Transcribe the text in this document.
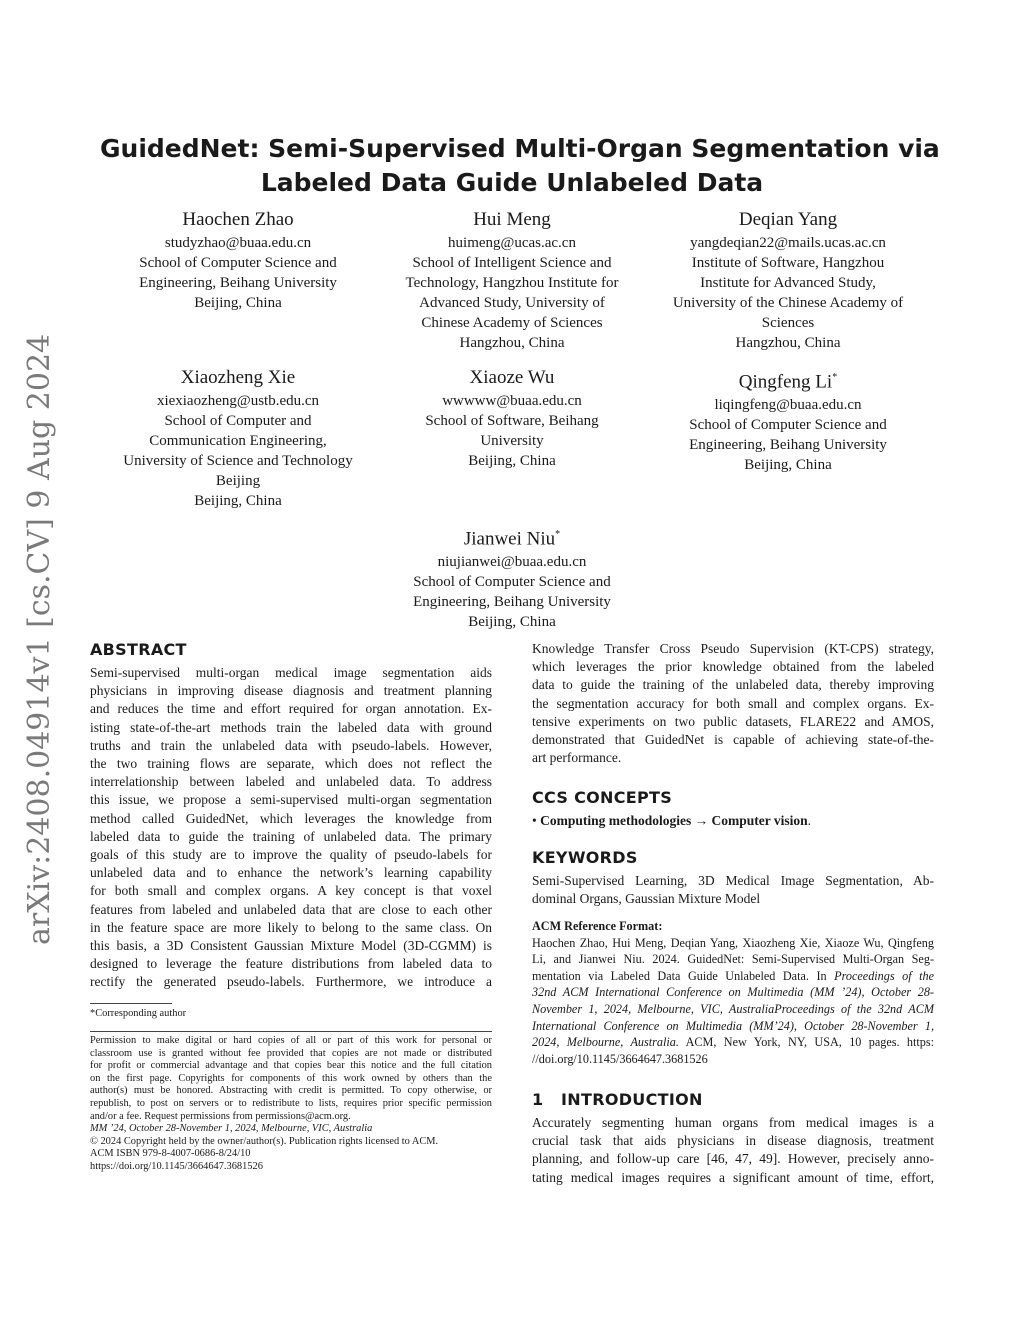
arXiv:2408.04914v1 [cs.CV] 9 Aug 2024
GuidedNet: Semi-Supervised Multi-Organ Segmentation via
Labeled Data Guide Unlabeled Data
Haochen Zhao
studyzhao@buaa.edu.cn
School of Computer Science and
Engineering, Beihang University
Beijing, China
Hui Meng
huimeng@ucas.ac.cn
School of Intelligent Science and
Technology, Hangzhou Institute for
Advanced Study, University of
Chinese Academy of Sciences
Hangzhou, China
Deqian Yang
yangdeqian22@mails.ucas.ac.cn
Institute of Software, Hangzhou
Institute for Advanced Study,
University of the Chinese Academy of
Sciences
Hangzhou, China
Xiaozheng Xie
xiexiaozheng@ustb.edu.cn
School of Computer and
Communication Engineering,
University of Science and Technology
Beijing
Beijing, China
Xiaoze Wu
wwwww@buaa.edu.cn
School of Software, Beihang
University
Beijing, China
Qingfeng Li*
liqingfeng@buaa.edu.cn
School of Computer Science and
Engineering, Beihang University
Beijing, China
Jianwei Niu*
niujianwei@buaa.edu.cn
School of Computer Science and
Engineering, Beihang University
Beijing, China
ABSTRACT
Semi-supervised multi-organ medical image segmentation aids
physicians in improving disease diagnosis and treatment planning
and reduces the time and effort required for organ annotation. Ex-
isting state-of-the-art methods train the labeled data with ground
truths and train the unlabeled data with pseudo-labels. However,
the two training flows are separate, which does not reflect the
interrelationship between labeled and unlabeled data. To address
this issue, we propose a semi-supervised multi-organ segmentation
method called GuidedNet, which leverages the knowledge from
labeled data to guide the training of unlabeled data. The primary
goals of this study are to improve the quality of pseudo-labels for
unlabeled data and to enhance the network’s learning capability
for both small and complex organs. A key concept is that voxel
features from labeled and unlabeled data that are close to each other
in the feature space are more likely to belong to the same class. On
this basis, a 3D Consistent Gaussian Mixture Model (3D-CGMM) is
designed to leverage the feature distributions from labeled data to
rectify the generated pseudo-labels. Furthermore, we introduce a
*Corresponding author
Permission to make digital or hard copies of all or part of this work for personal or
classroom use is granted without fee provided that copies are not made or distributed
for profit or commercial advantage and that copies bear this notice and the full citation
on the first page. Copyrights for components of this work owned by others than the
author(s) must be honored. Abstracting with credit is permitted. To copy otherwise, or
republish, to post on servers or to redistribute to lists, requires prior specific permission
and/or a fee. Request permissions from permissions@acm.org.
MM ’24, October 28-November 1, 2024, Melbourne, VIC, Australia
© 2024 Copyright held by the owner/author(s). Publication rights licensed to ACM.
ACM ISBN 979-8-4007-0686-8/24/10
https://doi.org/10.1145/3664647.3681526
Knowledge Transfer Cross Pseudo Supervision (KT-CPS) strategy,
which leverages the prior knowledge obtained from the labeled
data to guide the training of the unlabeled data, thereby improving
the segmentation accuracy for both small and complex organs. Ex-
tensive experiments on two public datasets, FLARE22 and AMOS,
demonstrated that GuidedNet is capable of achieving state-of-the-
art performance.
CCS CONCEPTS
• Computing methodologies → Computer vision.
KEYWORDS
Semi-Supervised Learning, 3D Medical Image Segmentation, Ab-
dominal Organs, Gaussian Mixture Model
ACM Reference Format:
Haochen Zhao, Hui Meng, Deqian Yang, Xiaozheng Xie, Xiaoze Wu, Qingfeng
Li, and Jianwei Niu. 2024. GuidedNet: Semi-Supervised Multi-Organ Seg-
mentation via Labeled Data Guide Unlabeled Data. In Proceedings of the
32nd ACM International Conference on Multimedia (MM ’24), October 28-
November 1, 2024, Melbourne, VIC, AustraliaProceedings of the 32nd ACM
International Conference on Multimedia (MM’24), October 28-November 1,
2024, Melbourne, Australia. ACM, New York, NY, USA, 10 pages. https:
//doi.org/10.1145/3664647.3681526
1   INTRODUCTION
Accurately segmenting human organs from medical images is a
crucial task that aids physicians in disease diagnosis, treatment
planning, and follow-up care [46, 47, 49]. However, precisely anno-
tating medical images requires a significant amount of time, effort,
